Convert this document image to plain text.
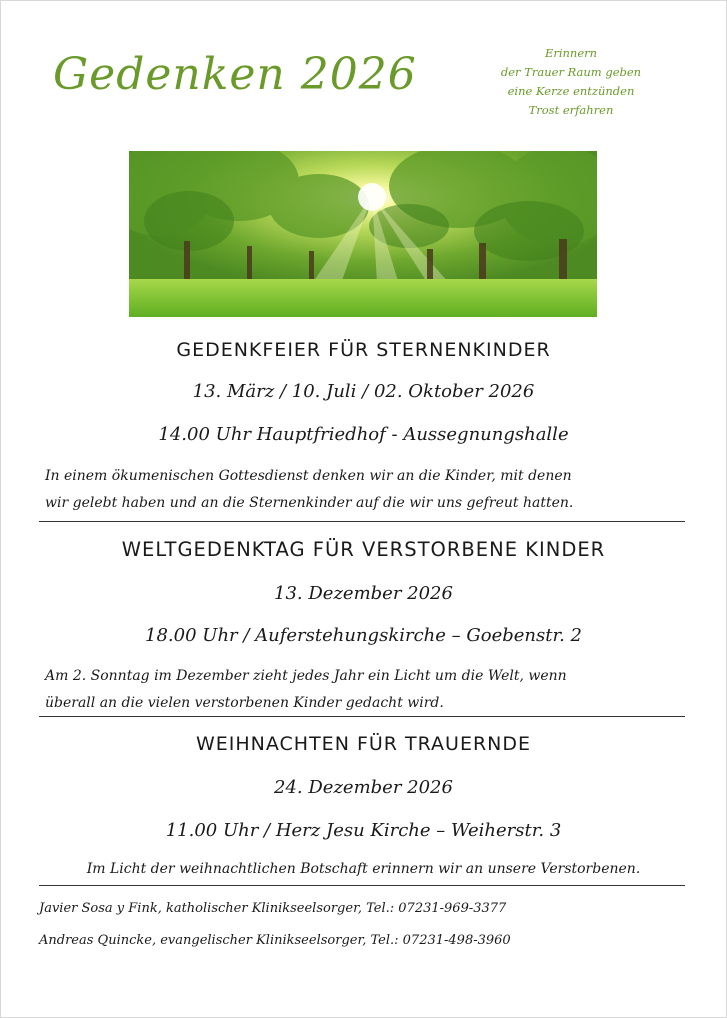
Gedenken 2026	Erinnern
der Trauer Raum geben
eine Kerze entzünden
Trost erfahren
GEDENKFEIER FÜR STERNENKINDER
13. März / 10. Juli / 02. Oktober 2026
14.00 Uhr Hauptfriedhof - Aussegnungshalle
In einem ökumenischen Gottesdienst denken wir an die Kinder, mit denen
wir gelebt haben und an die Sternenkinder auf die wir uns gefreut hatten.
WELTGEDENKTAG FÜR VERSTORBENE KINDER
13. Dezember 2026
18.00 Uhr / Auferstehungskirche – Goebenstr. 2
Am 2. Sonntag im Dezember zieht jedes Jahr ein Licht um die Welt, wenn
überall an die vielen verstorbenen Kinder gedacht wird.
WEIHNACHTEN FÜR TRAUERNDE
24. Dezember 2026
11.00 Uhr / Herz Jesu Kirche – Weiherstr. 3
Im Licht der weihnachtlichen Botschaft erinnern wir an unsere Verstorbenen.
Javier Sosa y Fink, katholischer Klinikseelsorger, Tel.: 07231-969-3377
Andreas Quincke, evangelischer Klinikseelsorger, Tel.: 07231-498-3960
